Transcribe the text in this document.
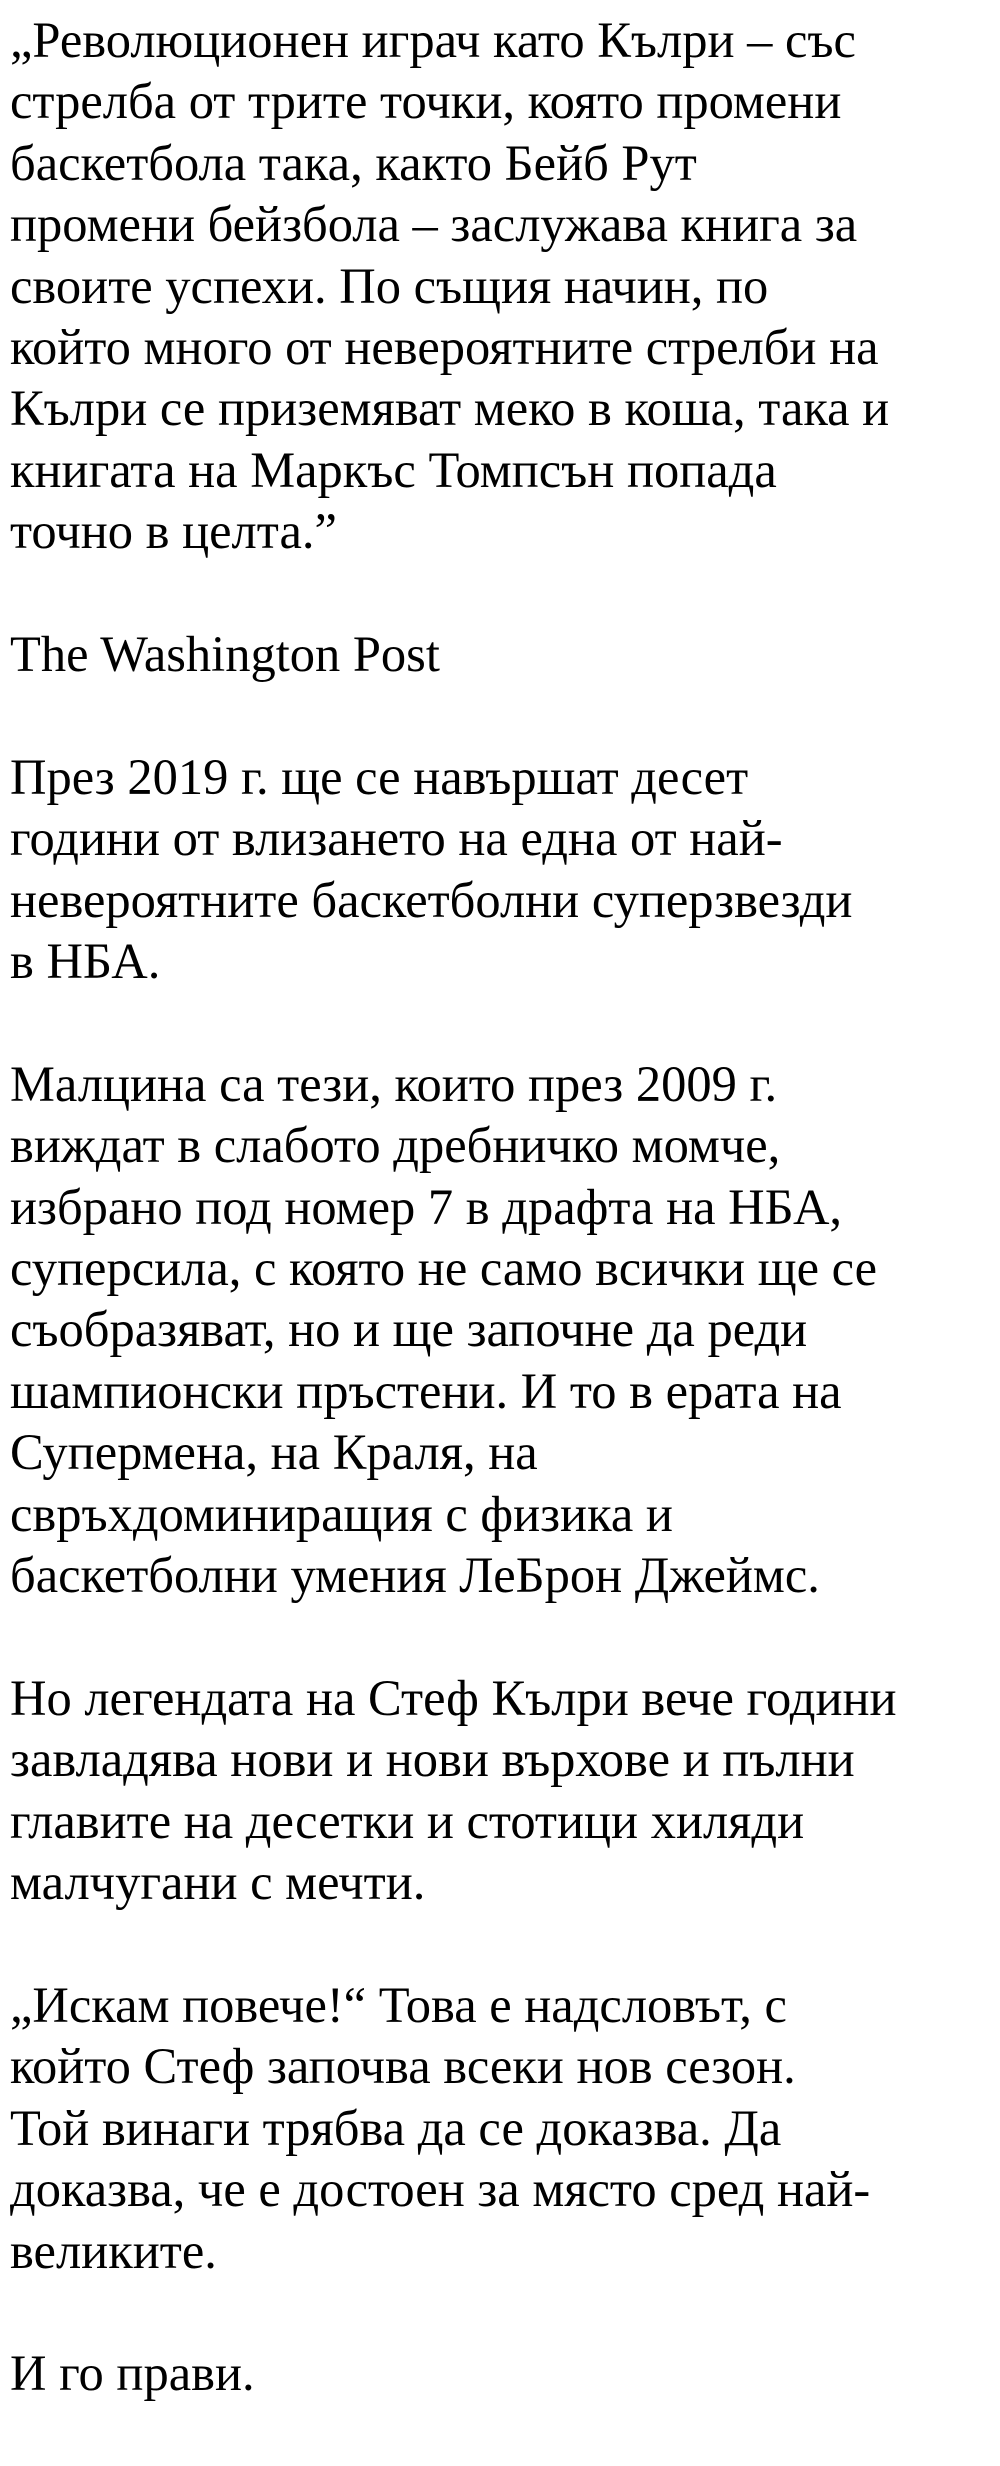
„Революционен играч като Кълри – със
стрелба от трите точки, която промени
баскетбола така, както Бейб Рут
промени бейзбола – заслужава книга за
своите успехи. По същия начин, по
който много от невероятните стрелби на
Кълри се приземяват меко в коша, така и
книгата на Маркъс Томпсън попада
точно в целта.”

The Washington Post

През 2019 г. ще се навършат десет
години от влизането на една от най-
невероятните баскетболни суперзвезди
в НБА.

Малцина са тези, които през 2009 г.
виждат в слабото дребничко момче,
избрано под номер 7 в драфта на НБА,
суперсила, с която не само всички ще се
съобразяват, но и ще започне да реди
шампионски пръстени. И то в ерата на
Супермена, на Краля, на
свръхдоминиращия с физика и
баскетболни умения ЛеБрон Джеймс.

Но легендата на Стеф Кълри вече години
завладява нови и нови върхове и пълни
главите на десетки и стотици хиляди
малчугани с мечти.

„Искам повече!“ Това е надсловът, с
който Стеф започва всеки нов сезон.
Той винаги трябва да се доказва. Да
доказва, че е достоен за място сред най-
великите.

И го прави.
